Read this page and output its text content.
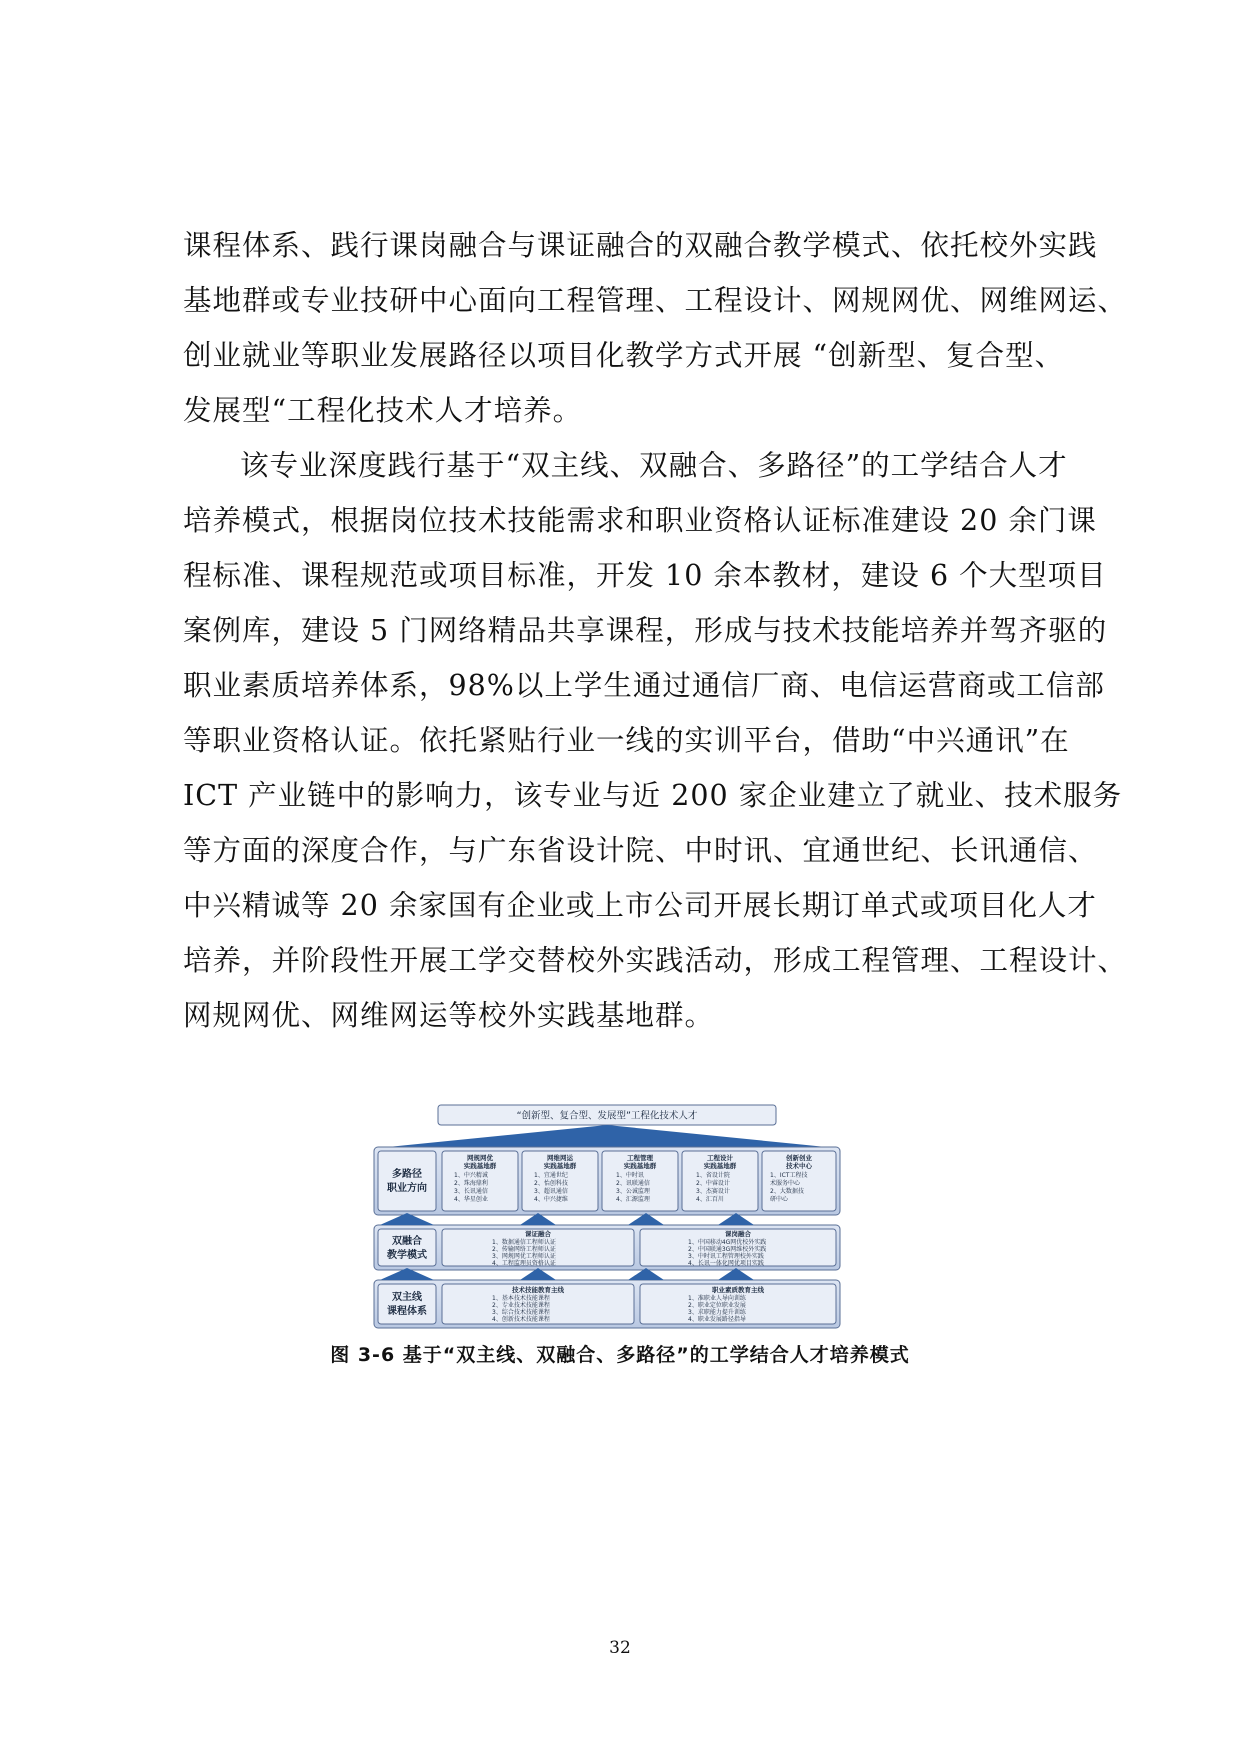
课程体系、践行课岗融合与课证融合的双融合教学模式、依托校外实践
基地群或专业技研中心面向工程管理、工程设计、网规网优、网维网运、
创业就业等职业发展路径以项目化教学方式开展 “创新型、复合型、
发展型“工程化技术人才培养。
该专业深度践行基于“双主线、双融合、多路径”的工学结合人才
培养模式，根据岗位技术技能需求和职业资格认证标准建设 20 余门课
程标准、课程规范或项目标准，开发 10 余本教材，建设 6 个大型项目
案例库，建设 5 门网络精品共享课程，形成与技术技能培养并驾齐驱的
职业素质培养体系，98%以上学生通过通信厂商、电信运营商或工信部
等职业资格认证。依托紧贴行业一线的实训平台，借助“中兴通讯”在
ICT 产业链中的影响力，该专业与近 200 家企业建立了就业、技术服务
等方面的深度合作，与广东省设计院、中时讯、宜通世纪、长讯通信、
中兴精诚等 20 余家国有企业或上市公司开展长期订单式或项目化人才
培养，并阶段性开展工学交替校外实践活动，形成工程管理、工程设计、
网规网优、网维网运等校外实践基地群。
“创新型、复合型、发展型”工程化技术人才
多路径
职业方向
双融合
教学模式
双主线
课程体系
网规网优
实践基地群
1、中兴精诚
2、珠海鼎利
3、长讯通信
4、华星创业
网维网运
实践基地群
1、宜通世纪
2、怡创科技
3、超讯通信
4、中兴捷维
工程管理
实践基地群
1、中时讯
2、讯联通信
3、公诚监理
4、汇源监理
工程设计
实践基地群
1、省设计院
2、中睿设计
3、杰赛设计
4、汇百川
创新创业
技术中心
1、ICT工程技
术服务中心
2、大数据技
研中心
课证融合
1、数据通信工程师认证
2、传输网络工程师认证
3、网规网优工程师认证
4、工程监理员资格认证
课岗融合
1、中国移动4G网优校外实践
2、中国联通3G网维校外实践
3、中时讯工程管理校外实践
4、长讯一体化网优项目实践
技术技能教育主线
1、基本技术技能课程
2、专业技术技能课程
3、综合技术技能课程
4、创新技术技能课程
职业素质教育主线
1、准职业人导向训练
2、职业定位职业发展
3、求职能力提升训练
4、职业发展路径指导
图 3-6 基于“双主线、双融合、多路径”的工学结合人才培养模式
32
